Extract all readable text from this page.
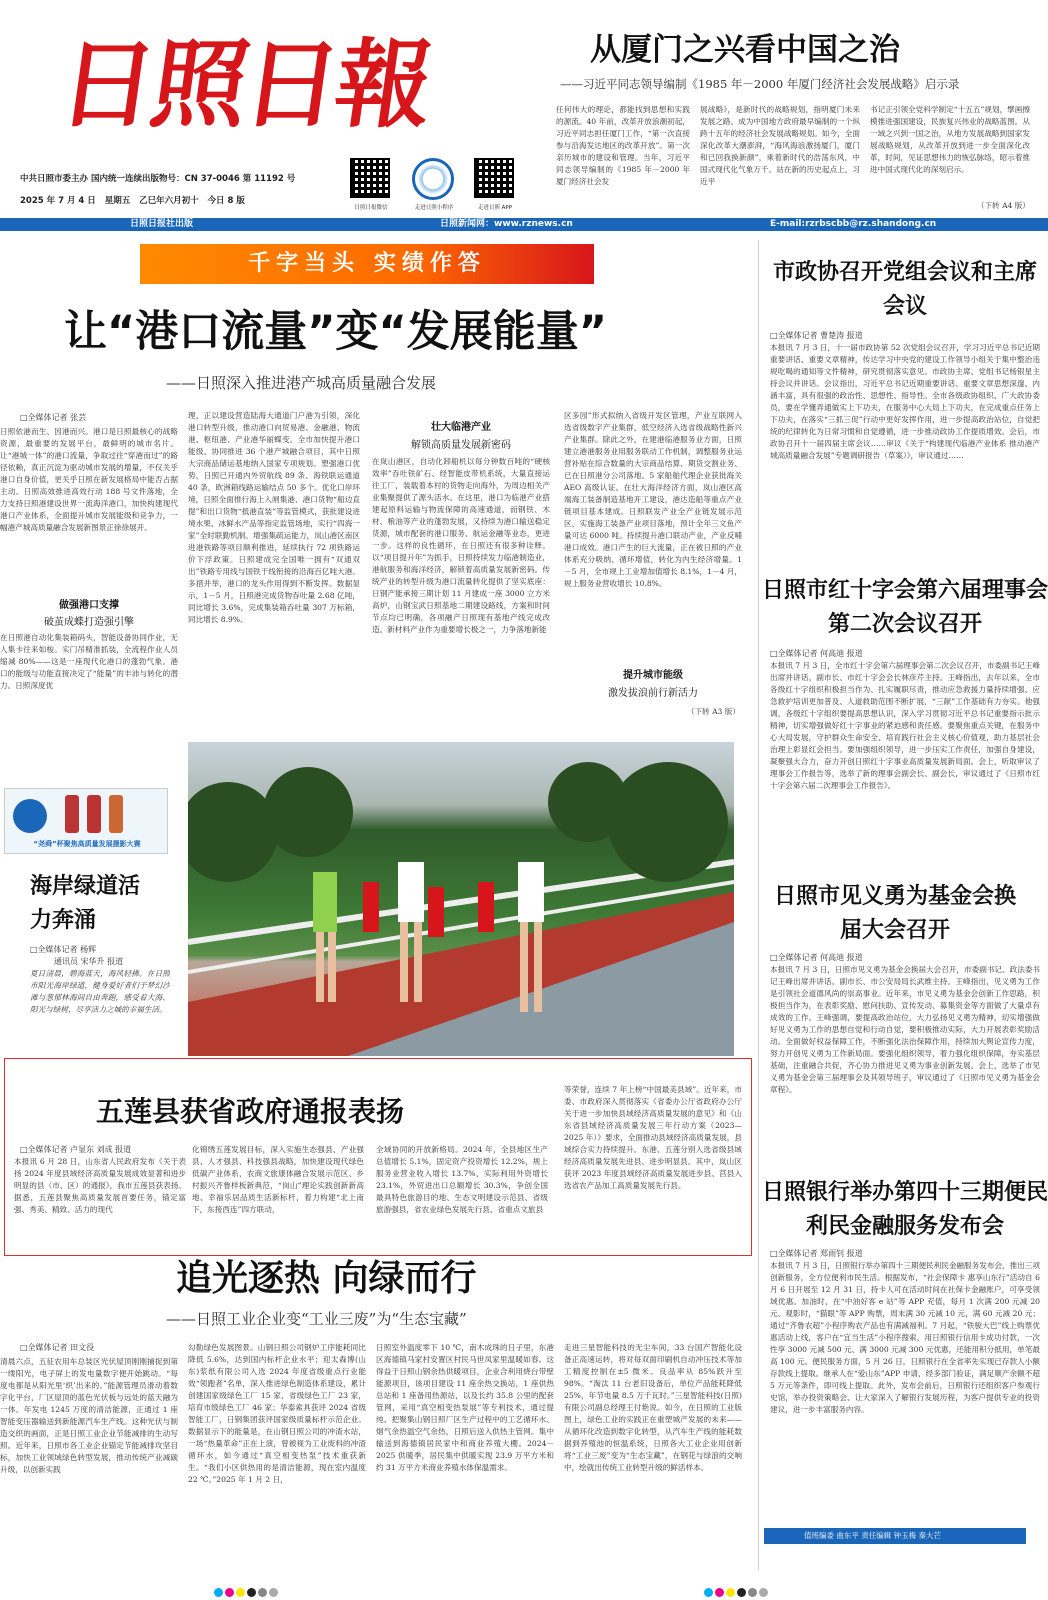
日照日報
中共日照市委主办 国内统一连续出版物号：CN 37-0046 第 11192 号
2025 年 7 月 4 日 星期五 乙巳年六月初十 今日 8 版
日照日报微信	走进日照小程序	走进日照 APP
从厦门之兴看中国之治
——习近平同志领导编制《1985 年－2000 年厦门经济社会发展战略》启示录
任何伟大的理论，都能找到思想和实践的源流。40 年前，改革开放浪潮初起，习近平同志担任厦门工作，“第一次直接参与沿海发达地区的改革开放”。第一次亲历城市的建设和管理。当年，习近平同志领导编制的《1985 年－2000 年厦门经济社会发
展战略》，是新时代的战略规划，指明厦门未来发展之路。成为中国地方政府最早编制的一个纵跨十五年的经济社会发展战略规划。如今，全面深化改革大潮澎湃，“海风海浪激扬厦门，厦门和已回我换新颜”，乘着新时代的浩荡东风，中国式现代化气象万千。站在新的历史起点上，习近平
书记正引领全党科学制定“十五五”规划，擘画擦模推进强国建设，民族复兴伟业的战略蓝图。从一域之兴到一国之治，从地方发展战略到国家发展战略规划，从改革开放到进一步全面深化改革，时间，见证思想伟力的恢弘脉络，昭示着推进中国式现代化的深刻启示。
（下转 A4 版）
日照日报社出版	日照新闻网：www.rznews.cn	E-mail:rzrbscbb@rz.shandong.cn
千字当头 实绩作答
让“港口流量”变“发展能量”
——日照深入推进港产城高质量融合发展
□全媒体记者 张芸
日照依港而生、因港而兴。港口是日照最核心的战略资源，最重要的发展平台，最鲜明的城市名片。让“港城一体”的港口流量，争取过往“穿港而过”的路径依赖，真正沉淀为驱动城市发展的增量，不仅关乎港口自身价值，更关乎日照在新发展格局中能否占据主动。日照高效推进高效行动 188 号文件落地，全力支持日照港建设世界一流海洋港口，加快构建现代港口产业体系，全面提升城市发展能级和竞争力，一幅港产城高质量融合发展新图景正徐徐展开。
做强港口支撑
破茧成蝶打造强引擎
在日照港自动化集装箱码头，智能设备协同作业，无人集卡往来如梭。实门吊精准抓装，全流程作业人员缩减 80%——这是一座现代化港口的蓬勃气象。港口的能级与功能直接决定了“能量”的丰沛与转化的潜力。日照深度优
理，正以建设营造陆海大通道门户港为引领，深化港口转型升级，推动港口向贸易港、金融港、物流港、枢纽港、产业港华丽蝶变。全市加快提升港口能级、协同推进 36 个港产城融合项目，其中日照大宗商品储运基地纳入国家专项规划。塑强港口优势，日照已开通内外贸航线 89 条、海铁联运通道 40 条，欧洲箱线路运输结点 50 多个。优化口岸环境，日照全面推行海上入闸集港、港口货物“船边直提”和出口货物“抵港直装”等监管模式，获批建设进境水果、冰鲜水产品等指定监管场地，实行“四海一家”全时联勤机制。增强集疏运能力，岚山港区南区进港铁路等项目顺利推进，延续执行 72 项铁路运价下浮政策。日照建成完全国唯一拥有“双通双出”铁路专用线与国铁干线衔接的沿海百亿吨大港。多措并举，港口的龙头作用得到不断发挥。数据显示，1－5 月，日照港完成货物吞吐量 2.68 亿吨，同比增长 3.6%，完成集装箱吞吐量 307 万标箱，同比增长 8.9%。
壮大临港产业
解锁高质量发展新密码
在岚山港区，自动化卸船机以每分钟数百吨的“硬核效率”吞吐铁矿石、经智能皮带机系统，大量直接运往工厂，装载着本村的货物走向海外，为周边相关产业集聚提供了源头活水。在这里，港口为临港产业搭建起原料运输与物流保障的高速通道，而钢铁、木材、粮油等产业的蓬勃发展，又持续为港口输送稳定货源，城市配套的港口服务、航运金融等业态，更进一步。这样的良性循环，在日照还有很多种诠释。以“项目提升年”为抓手，日照持续发力临港制造业，港航服务和海洋经济，解锁着高质量发展新密码。传统产业的转型升级为港口流量转化提供了坚实底座：日钢产能承接三期计划 11 月建成一座 3000 立方米高炉，山钢宝武日照基地二期建设路线，方案和时间节点均已明确，各项融产日照现有基地产线完成改造。新材料产业作为重要增长极之一，力争落地新能
区多园”形式拟纳入省级开发区管理，产业互联网入选省级数字产业集群，低空经济入选省级战略性新兴产业集群。除此之外，在建港临港服务业方面，日照建立港港服务业用服务联动工作机制，调整服务业运营补贴在综合数量的大宗商品结算、期货交割业务、已在日照港分公司落地。5 家船舶代理企业获批海关 AEO 高级认证。在壮大海洋经济方面，岚山港区高端海工装备制造基地开工建设，港达造船等重点产业链项目基本建成。日照联发产业全产业链发展示范区，实施海工装备产业项目落地，预计全年三文鱼产量可达 6000 吨。持续提升港口联动产业，产业反哺港口成效。港口产生的巨大流量，正在被日照的产业体系充分吸纳、循环增值，转化为内生经济增量。1－5 月，全市规上工业增加值增长 8.1%，1－4 月，规上服务业营收增长 10.8%。
提升城市能级
激发拔浪前行新活力
（下转 A3 版）
市政协召开党组会议和主席会议
□全媒体记者 曹楚涛 报道
本报讯 7 月 3 日，十一届市政协第 52 次党组会议召开，学习习近平总书记近期重要讲话、重要文章精神，传达学习中央党的建设工作领导小组关于集中整治违规吃喝的通知等文件精神，研究贯彻落实意见。市政协主席、党组书记杨银星主持会议并讲话。会议指出，习近平总书记近期重要讲话、重要文章思想深邃、内涵丰富，具有很强的政治性、思想性、指导性。全市各级政协组织、广大政协委员，要在学懂弄通做实上下功夫，在服务中心大局上下功夫，在完成重点任务上下功夫，在落实“三抓三促”行动中更好发挥作用，进一步提高政治站位，自觉把统的纪律转化为日常习惯和自觉遵循，进一步推动政协工作提质增效。会后，市政协召开十一届四届主席会议……审议《关于“构建现代临港产业体系 推动港产城高质量融合发展”专题调研报告（草案）》，审议通过……
日照市红十字会第六届理事会第二次会议召开
□全媒体记者 何高迪 报道
本报讯 7 月 3 日，全市红十字会第六届理事会第二次会议召开，市委副书记王峰出席并讲话。副市长、市红十字会会长林彦芹主持。王峰指出，去年以来，全市各级红十字组织积极担当作为、扎实履职尽责，推动应急救援力量持续增强、应急救护培训更加普及、人道救助范围不断扩展，“三献”工作基础有力夯实。他强调，各级红十字组织要提高思想认识，深入学习贯彻习近平总书记重要指示批示精神，切实增强做好红十字事业的紧迫感和责任感。要聚焦重点关键，在服务中心大局发展，守护群众生命安全、培育践行社会主义核心价值观，助力基层社会治理上彰显红会担当。要加强组织领导，进一步压实工作责任，加强自身建设，凝聚强大合力，奋力开创日照红十字事业高质量发展新局面。会上，听取审议了理事会工作报告等，选举了新的理事会副会长、副会长，审议通过了《日照市红十字会第六届二次理事会工作报告》。
日照市见义勇为基金会换届大会召开
□全媒体记者 何高迪 报道
本报讯 7 月 3 日，日照市见义勇为基金会换届大会召开，市委副书记、政法委书记王峰出席并讲话。副市长、市公安局局长武维主持。王峰指出，见义勇为工作是引领社会道德风尚的崇高事业。近年来，市见义勇为基金会创新工作思路，积极担当作为，在表彰奖励、慰问扶助、宣传发动、募集资金等方面做了大量卓有成效的工作。王峰强调，要提高政治站位，大力弘扬见义勇为精神，切实增强做好见义勇为工作的思想自觉和行动自觉，要积极推动实际，大力开展表彰奖励活动。全面做好权益保障工作，不断强化法治保障作用，持续加大舆论宣传力度，努力开创见义勇为工作新局面。要强化组织领导，着力强化组织保障，夯实基层基础，注重融合共促，齐心协力推进见义勇为事业创新发展。会上，选举了市见义勇为基金会第三届理事会及其领导班子，审议通过了《日照市见义勇为基金会章程》。
日照银行举办第四十三期便民利民金融服务发布会
□全媒体记者 郑雨钊 报道
本报讯 7 月 3 日，日照银行举办第四十三期便民利民金融服务发布会，推出三项创新服务，全方位便利市民生活。根据发布，“社会保障卡 惠享山东行”活动自 6 月 6 日开展至 12 月 31 日，持卡人可在活动时间在社保卡金融账户，可享受领域优惠。加油时，在“中油好客 e 站”等 APP 充值，每月 1 次满 200 元减 20 元、观影时，“猫眼”等 APP 购票，周末满 30 元减 10 元，满 60 元减 20 元；通过“齐鲁农超”小程序购农产品也有满减福利。7 月起，“铁骏大巴”线上购票优惠活动上线，客户在“宜当生活”小程序搜索，用日照银行信用卡成功付款，一次性享 3000 元减 500 元、满 3000 元减 300 元优惠，还能用积分抵用，单笔最高 100 元。便民服务方面，5 月 26 日，日照银行在全省率先实现已存款人小额存款线上提取。继承人在“爱山东”APP 申请，经多部门验证，满足顺产余额不超 5 万元等条件，即可线上提取。此外，发布会前后，日照银行还组织客户参观行史馆，举办投资策略会、让大家深入了解银行发展历程，为客户提供专业的投资建议，进一步丰富服务内容。
值班编委 曲东平 责任编辑 钟玉梅 秦大芒
“尧舜”杯聚焦高质量发展摄影大赛
海岸绿道活力奔涌
□全媒体记者 杨辉
通讯员 宋华升 报道
夏日清晨，碧海蓝天，海风轻拂。在日照市阳光海岸绿道，健身爱好者们于梦幻沙滩与葱郁林海间自由奔跑，感受着大海、阳光与绿树，尽享活力之城的幸福生活。
五莲县获省政府通报表扬
□全媒体记者 卢显东 刘成 报道
本报讯 6 月 28 日，山东省人民政府发布《关于表扬 2024 年度县域经济高质量发展成效显著和进步明显的县（市、区）的通报》，我市五莲县获表扬。据悉，五莲县聚焦高质量发展首要任务，锚定富强、秀美、精致、活力的现代
化锦绣五莲发展目标，深入实施生态强县、产业强县、人才强县、科技强县战略，加快建设现代绿色低碳产业体系，农商文旅康体融合发展示范区、乡村振兴齐鲁样板新典范，“岗山”理论实践创新新高地、幸福乐居品质生活新标杆，着力构建“北上南下，东接西连”四方联动，
全域协同的开放新格局。2024 年，全县地区生产总值增长 5.1%，固定资产投资增长 12.2%，规上服务业营业收入增长 13.7%，实际利用外资增长 23.1%，外贸进出口总额增长 30.3%，争创全国最具特色旅游目的地、生态文明建设示范县、省级旅游强县，省农业绿色发展先行县、省重点文旅县
等荣誉，连续 7 年上榜“中国最美县域”。近年来，市委、市政府深入贯彻落实《省委办公厅省政府办公厅关于进一步加快县域经济高质量发展的意见》和《山东省县域经济高质量发展三年行动方案（2023—2025 年）》要求，全面推动县域经济高质量发展，县域综合实力持续提升。东港、五莲分别入选省级县域经济高质量发展先进县、进步明显县。其中，岚山区获评 2023 年度县域经济高质量发展进步县、莒县入选省农产品加工高质量发展先行县。
追光逐热 向绿而行
——日照工业企业变“工业三废”为“生态宝藏”
□全媒体记者 田文役
清晨六点，五征农用车总装区光伏屋顶刚刚捕捉到第一缕阳光，电子屏上的发电量数字便开始跳动。“每度电都是从阳光里‘织’出来的。”能源管理员滑动着数字化平台，厂区屋顶的蓝色光伏板与远处的蓝天融为一体。年发电 1245 万度的清洁能源，正通过 1 座智能变压器输送到新能源汽车生产线。这种光伏与制造交织的画面，正是日照工业企业节能减排的生动写照。近年来，日照市各工业企业锚定节能减排攻坚目标，加快工业领域绿色转型发展，推动传统产业减碳升级，以创新实践
勾勒绿色发展图景。山钢日照公司钢炉工序能耗同比降低 5.6%，达到国内标杆企业水平；迎太森博(山东)浆纸有限公司入选 2024 年度省级重点行业能效“领跑者”名单，深入推进绿色制造体系建设，累计创建国家级绿色工厂 15 家、省级绿色工厂 23 家，培育市级绿色工厂 46 家；华泰索具获评 2024 省级智能工厂，日钢集团获评国家级质量标杆示范企业。数据显示下的能量是，在山钢日照公司的冲渣水站，一场“热量革命”正在上演，曾被视为工业废料的冲渣循环水，如今通过“真空相变热泵”技术重获新生。“我们小区供热用的是清洁能源，现在室内温度 22 ℃。”2025 年 1 月 2 日，
日照室外温度零下 10 ℃，南木成珠的日子里，东港区海德镇马家村安置区村民马世凤家里温暖如春。这得益于日照山钢余热供暖项目，企业合利用烧台带壁能源项目，该项目建设 11 座余热交换站，1 座供热总站和 1 座备用热源站，以及长约 35.8 公里的配套管网，采用“真空相变热泵展”等专利技术，通过提纯、把聚集山钢日照厂区生产过程中的工艺循环水、烟气余热温空气余热，日照后送入供热主管网。集中输送到海德镇居民家中和商业养殖大棚。2024－2025 供暖季，居民集中供暖实现 23.9 万平方米和约 31 万平方米商业养殖水体保温需求。
走进三星智能科技的无尘车间，33 台国产智能化设备正高速运转，将对每双面印刷机自动冲压技术等加工精度控制在±5 微米。良品率从 85%跃升至 98%。“淘汰 11 台老旧设备后，单位产品能耗降低 25%，年节电量 8.5 万千瓦时。”三星智能科技(日照)有限公司副总经理王付艳说。如今，在日照的工业版图上，绿色工业的实践正在重塑城产发展的未来——从循环化改造到数字化转型，从汽车生产线的能耗数据到养殖池的恒温系统，日照各大工业企业用创新将“工业三废”变为“生态宝藏”，在钢花与绿浪的交响中，绘就出传统工业转型升级的鲜活样本。
